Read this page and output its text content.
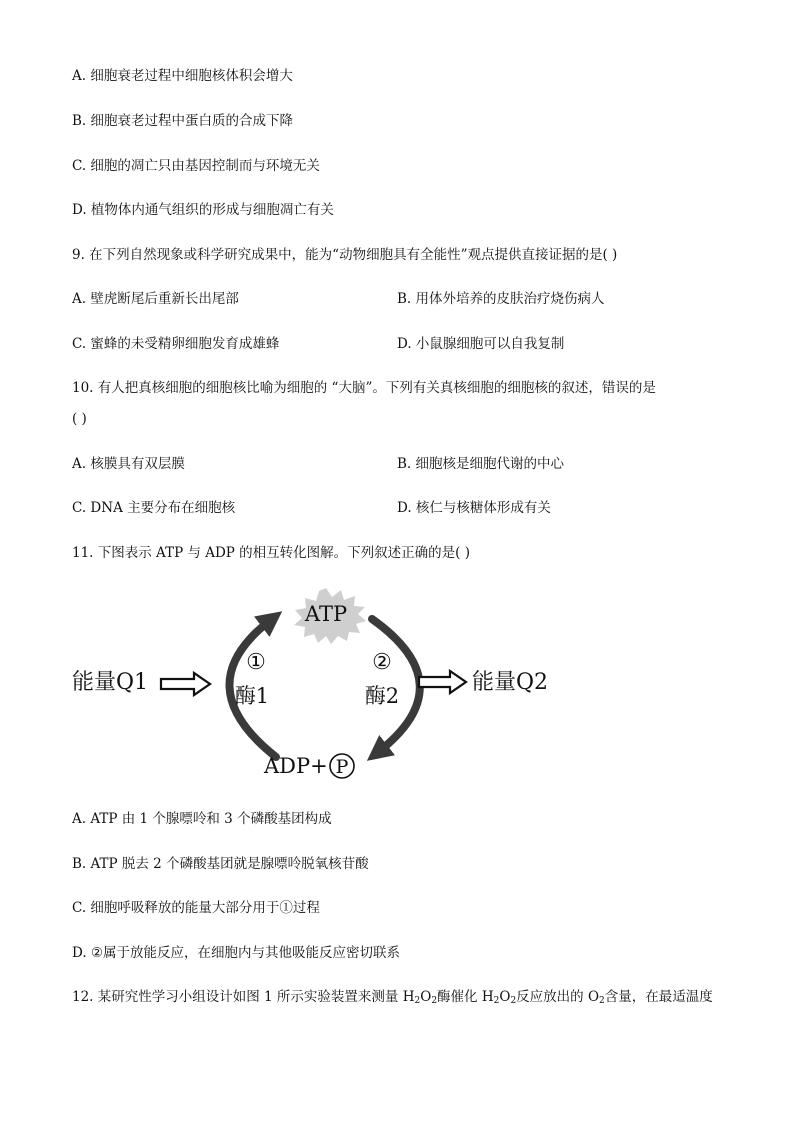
A. 细胞衰老过程中细胞核体积会增大
B. 细胞衰老过程中蛋白质的合成下降
C. 细胞的凋亡只由基因控制而与环境无关
D. 植物体内通气组织的形成与细胞凋亡有关
9. 在下列自然现象或科学研究成果中，能为“动物细胞具有全能性”观点提供直接证据的是( )
A. 壁虎断尾后重新长出尾部	B. 用体外培养的皮肤治疗烧伤病人
C. 蜜蜂的未受精卵细胞发育成雄蜂	D. 小鼠腺细胞可以自我复制
10. 有人把真核细胞的细胞核比喻为细胞的 “大脑”。下列有关真核细胞的细胞核的叙述，错误的是
( )
A. 核膜具有双层膜	B. 细胞核是细胞代谢的中心
C. DNA 主要分布在细胞核	D. 核仁与核糖体形成有关
11. 下图表示 ATP 与 ADP 的相互转化图解。下列叙述正确的是( )
ATP
①
酶1
②
酶2
能量Q1	能量Q2
ADP+ P
A. ATP 由 1 个腺嘌呤和 3 个磷酸基团构成
B. ATP 脱去 2 个磷酸基团就是腺嘌呤脱氧核苷酸
C. 细胞呼吸释放的能量大部分用于①过程
D. ②属于放能反应，在细胞内与其他吸能反应密切联系
12. 某研究性学习小组设计如图 1 所示实验装置来测量 $H_2O_2$酶催化 $H_2O_2$反应放出的 $O_2$含量，在最适温度
